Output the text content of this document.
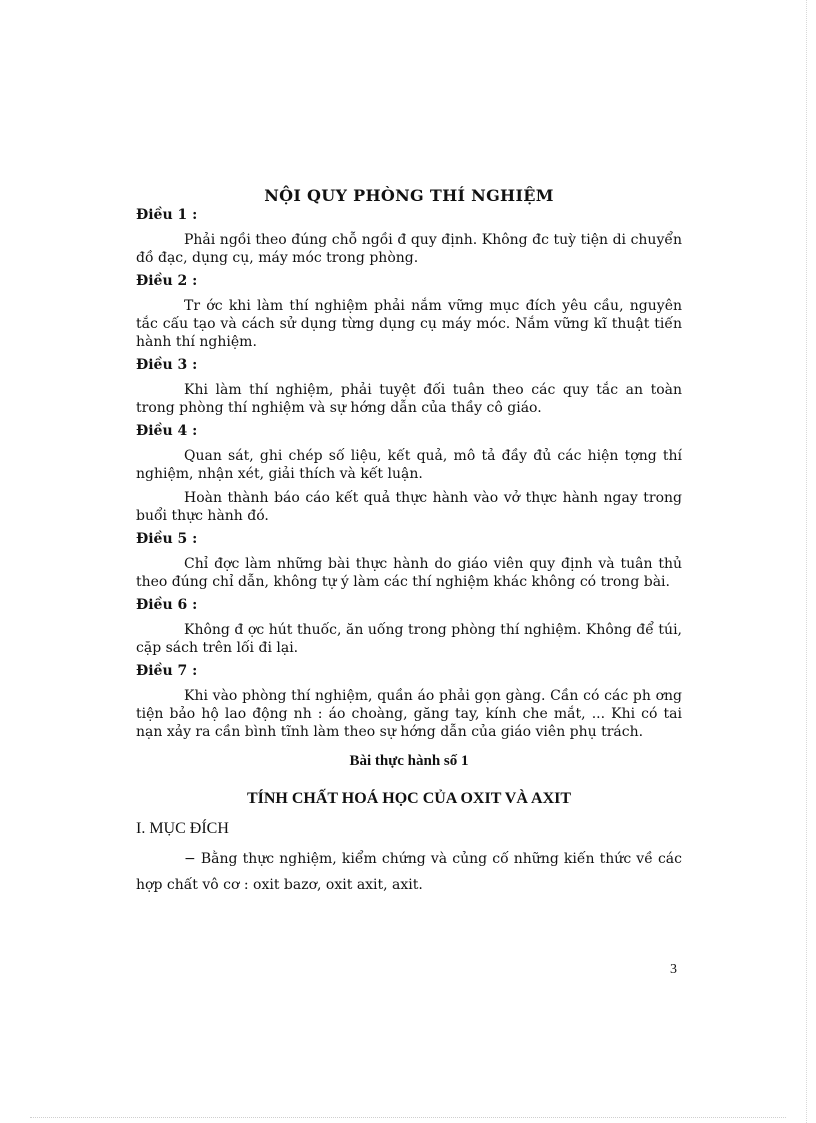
NỘI QUY PHÒNG THÍ NGHIỆM
Điều 1 :

Phải ngồi theo đúng chỗ ngồi đ quy định. Không đc tuỳ tiện di chuyển đồ đạc, dụng cụ, máy móc trong phòng.

Điều 2 :

Tr ớc khi làm thí nghiệm phải nắm vững mục đích yêu cầu, nguyên tắc cấu tạo và cách sử dụng từng dụng cụ máy móc. Nắm vững kĩ thuật tiến hành thí nghiệm.

Điều 3 :

Khi làm thí nghiệm, phải tuyệt đối tuân theo các quy tắc an toàn trong phòng thí nghiệm và sự hớng dẫn của thầy cô giáo.

Điều 4 :

Quan sát, ghi chép số liệu, kết quả, mô tả đầy đủ các hiện tợng thí nghiệm, nhận xét, giải thích và kết luận.

Hoàn thành báo cáo kết quả thực hành vào vở thực hành ngay trong buổi thực hành đó.

Điều 5 :

Chỉ đợc làm những bài thực hành do giáo viên quy định và tuân thủ theo đúng chỉ dẫn, không tự ý làm các thí nghiệm khác không có trong bài.

Điều 6 :

Không đ ợc hút thuốc, ăn uống trong phòng thí nghiệm. Không để túi, cặp sách trên lối đi lại.

Điều 7 :

Khi vào phòng thí nghiệm, quần áo phải gọn gàng. Cần có các ph ơng tiện bảo hộ lao động nh : áo choàng, găng tay, kính che mắt, ... Khi có tai nạn xảy ra cần bình tĩnh làm theo sự hớng dẫn của giáo viên phụ trách.

Bài thực hành số 1
TÍNH CHẤT HOÁ HỌC CỦA OXIT VÀ AXIT
I. MỤC ĐÍCH

− Bằng thực nghiệm, kiểm chứng và củng cố những kiến thức về các hợp chất vô cơ : oxit bazơ, oxit axit, axit.

3
